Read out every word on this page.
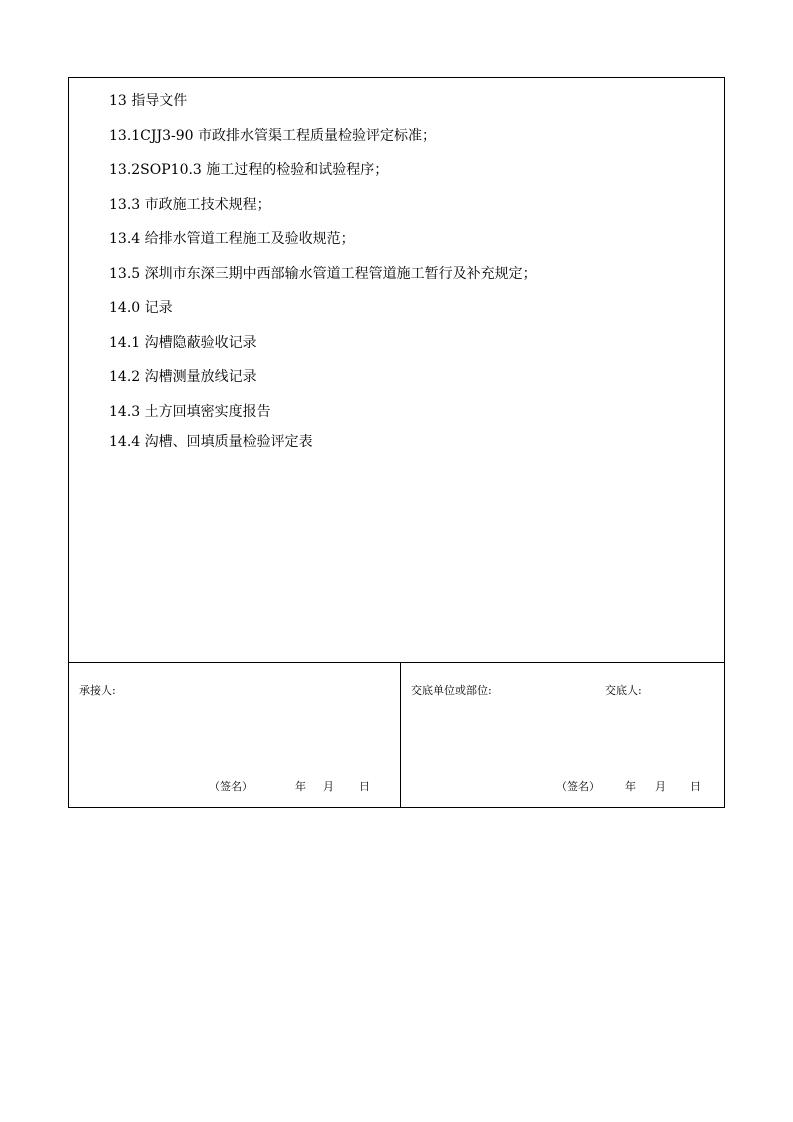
13 指导文件
13.1CJJ3-90 市政排水管渠工程质量检验评定标准；
13.2SOP10.3 施工过程的检验和试验程序；
13.3 市政施工技术规程；
13.4 给排水管道工程施工及验收规范；
13.5 深圳市东深三期中西部输水管道工程管道施工暂行及补充规定；
14.0 记录
14.1 沟槽隐蔽验收记录
14.2 沟槽测量放线记录
14.3 土方回填密实度报告
14.4 沟槽、回填质量检验评定表
承接人:
（签名）	年 月 日
交底单位或部位:	交底人:
（签名） 年 月 日
